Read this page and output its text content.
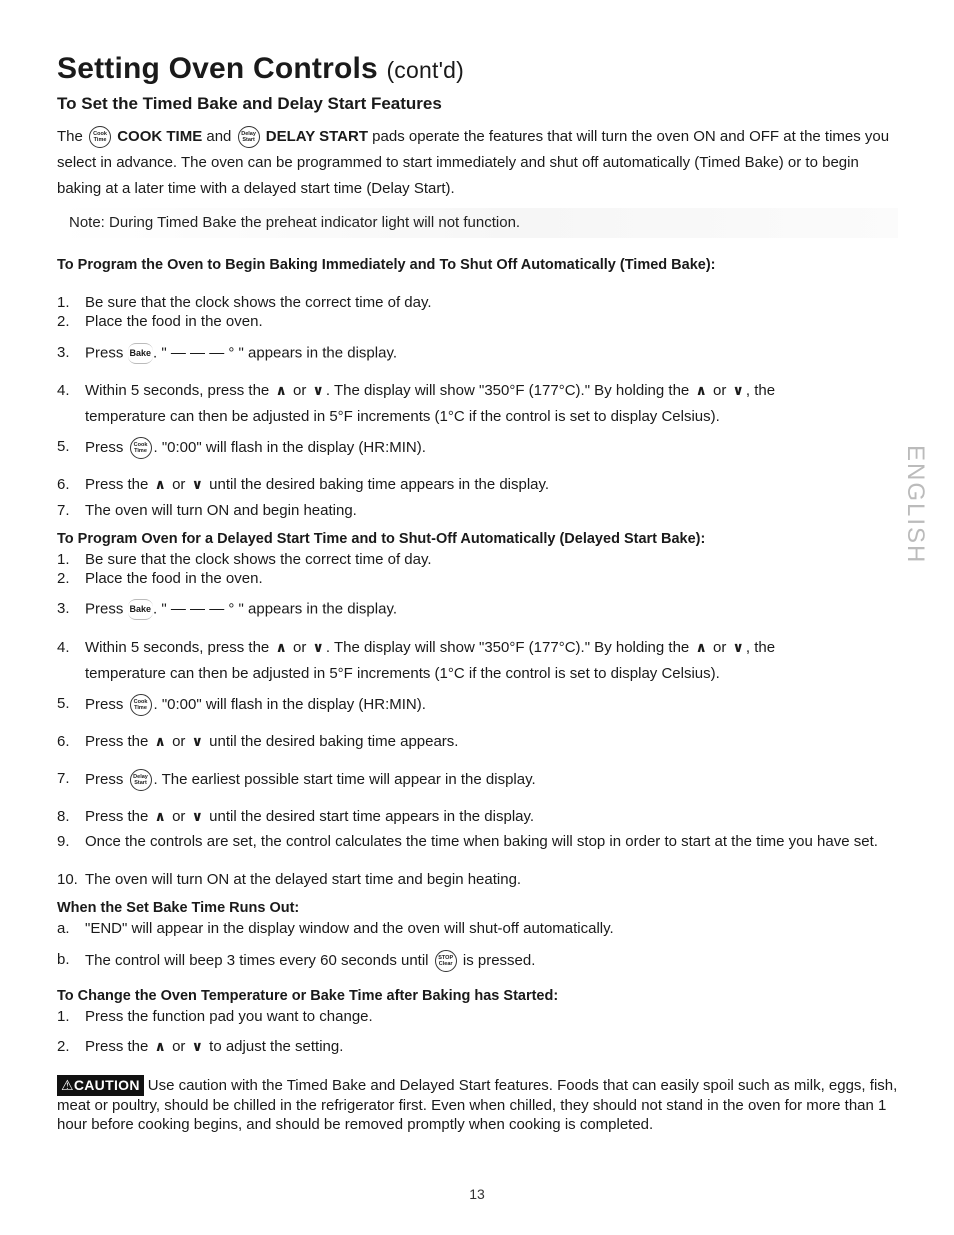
Setting Oven Controls (cont'd)
To Set the Timed Bake and Delay Start Features
The Cook
Time COOK TIME and Delay
Start DELAY START pads operate the features that will turn the oven ON and OFF at the times you select in advance. The oven can be programmed to start immediately and shut off automatically (Timed Bake) or to begin baking at a later time with a delayed start time (Delay Start).
Note: During Timed Bake the preheat indicator light will not function.
To Program the Oven to Begin Baking Immediately and To Shut Off Automatically (Timed Bake):
1.	Be sure that the clock shows the correct time of day.
2.	Place the food in the oven.
3.	Press Bake . " — — — ° " appears in the display.
4.	Within 5 seconds, press the ∧ or ∨ . The display will show "350°F (177°C)." By holding the ∧ or ∨ , the
temperature can then be adjusted in 5°F increments (1°C if the control is set to display Celsius).
5.	Press Cook
Time . "0:00" will flash in the display (HR:MIN).
6.	Press the ∧ or ∨ until the desired baking time appears in the display.
7.	The oven will turn ON and begin heating.
To Program Oven for a Delayed Start Time and to Shut-Off Automatically (Delayed Start Bake):
1.	Be sure that the clock shows the correct time of day.
2.	Place the food in the oven.
3.	Press Bake . " — — — ° " appears in the display.
4.	Within 5 seconds, press the ∧ or ∨ . The display will show "350°F (177°C)." By holding the ∧ or ∨ , the
temperature can then be adjusted in 5°F increments (1°C if the control is set to display Celsius).
5.	Press Cook
Time . "0:00" will flash in the display (HR:MIN).
6.	Press the ∧ or ∨ until the desired baking time appears.
7.	Press Delay
Start . The earliest possible start time will appear in the display.
8.	Press the ∧ or ∨ until the desired start time appears in the display.
9.	Once the controls are set, the control calculates the time when baking will stop in order to start at the time you have set.
10. The oven will turn ON at the delayed start time and begin heating.
When the Set Bake Time Runs Out:
a.	"END" will appear in the display window and the oven will shut-off automatically.
b.	The control will beep 3 times every 60 seconds until STOP
Clear is pressed.
To Change the Oven Temperature or Bake Time after Baking has Started:
1.	Press the function pad you want to change.
2.	Press the ∧ or ∨ to adjust the setting.
⚠CAUTION Use caution with the Timed Bake and Delayed Start features. Foods that can easily spoil such as milk, eggs, fish, meat or poultry, should be chilled in the refrigerator first. Even when chilled, they should not stand in the oven for more than 1 hour before cooking begins, and should be removed promptly when cooking is completed.
ENGLISH
13
